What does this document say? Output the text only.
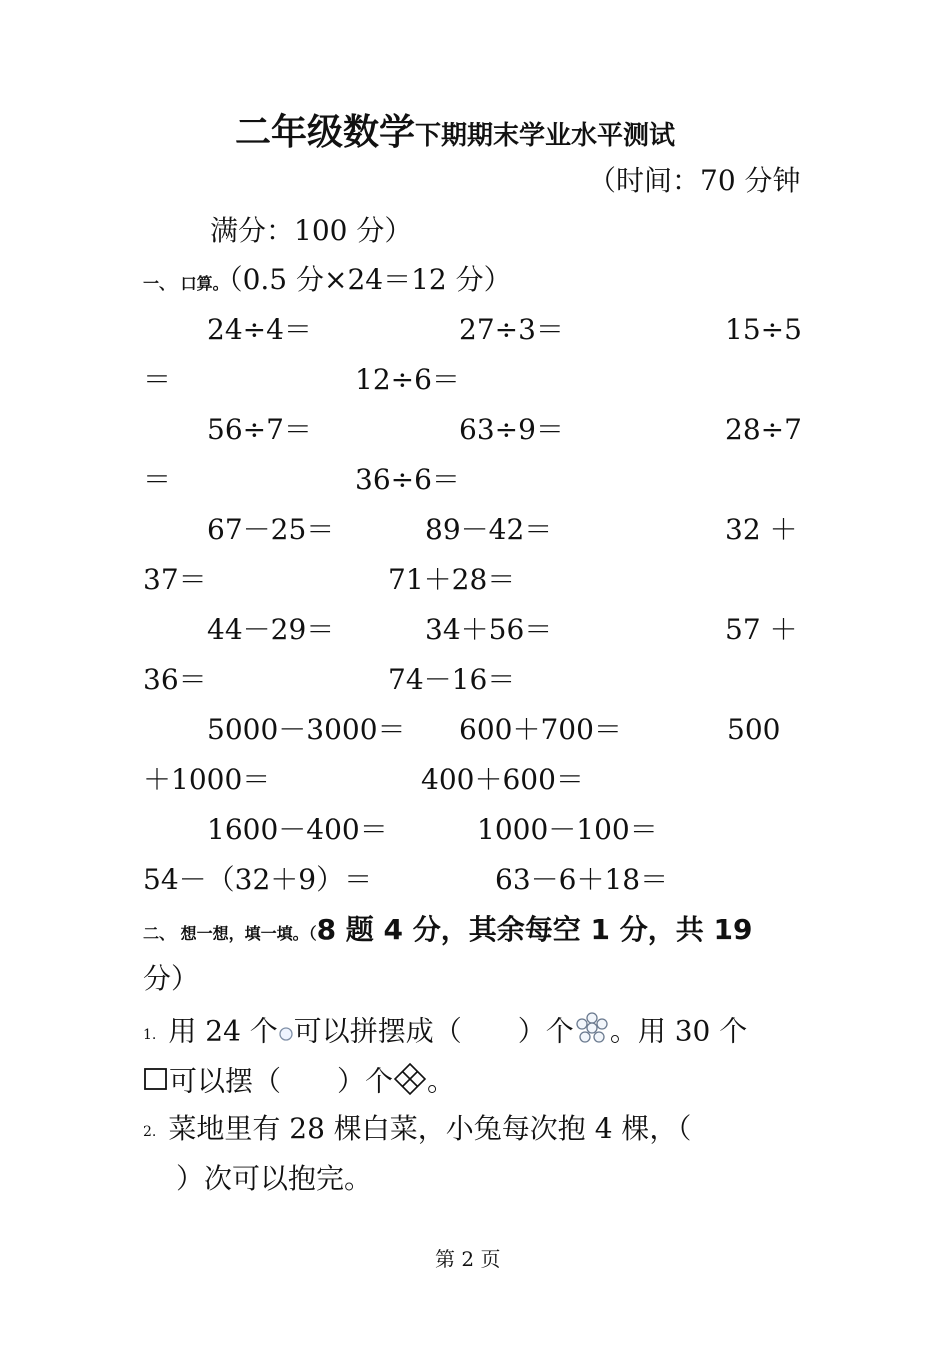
二年级数学下期期末学业水平测试
（时间：70 分钟
满分：100 分）
一、 口算。（0.5 分×24＝12 分）
24÷4＝	27÷3＝	15÷5
＝	12÷6＝
56÷7＝	63÷9＝	28÷7
＝	36÷6＝
67－25＝	89－42＝	32 ＋
37＝	71＋28＝
44－29＝	34＋56＝	57 ＋
36＝	74－16＝
5000－3000＝ 600＋700＝	500
＋1000＝	400＋600＝
1600－400＝	1000－100＝
54－（32＋9）＝	63－6＋18＝
二、 想一想，填一填。（8 题 4 分，其余每空 1 分，共 19
分）
1. 用 24 个 可以拼摆成（　　）个 。用 30 个
可以摆（　　）个 。
2. 菜地里有 28 棵白菜，小兔每次抱 4 棵，（
）次可以抱完。
第 2 页
